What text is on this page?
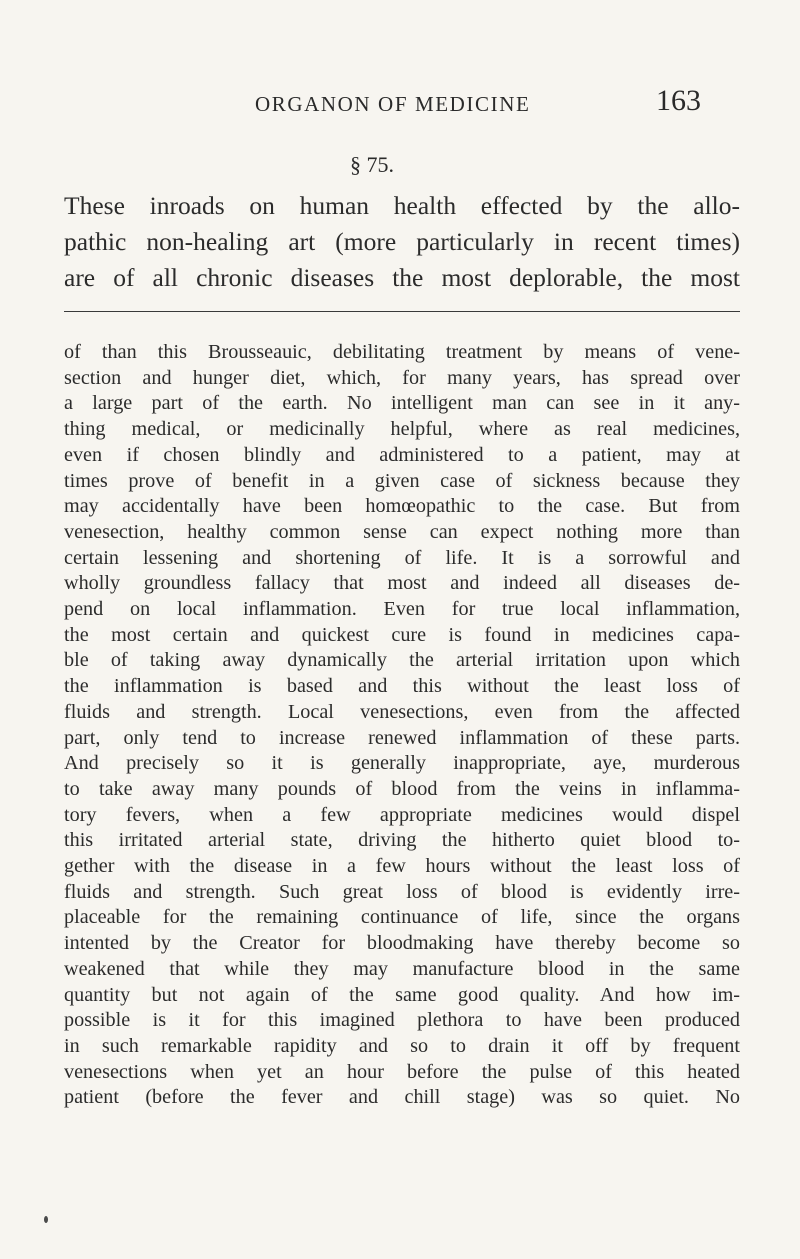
ORGANON OF MEDICINE	163
§ 75.
These inroads on human health effected by the allo-
pathic non-healing art (more particularly in recent times)
are of all chronic diseases the most deplorable, the most
of than this Brousseauic, debilitating treatment by means of vene-
section and hunger diet, which, for many years, has spread over
a large part of the earth. No intelligent man can see in it any-
thing medical, or medicinally helpful, where as real medicines,
even if chosen blindly and administered to a patient, may at
times prove of benefit in a given case of sickness because they
may accidentally have been homœopathic to the case. But from
venesection, healthy common sense can expect nothing more than
certain lessening and shortening of life. It is a sorrowful and
wholly groundless fallacy that most and indeed all diseases de-
pend on local inflammation. Even for true local inflammation,
the most certain and quickest cure is found in medicines capa-
ble of taking away dynamically the arterial irritation upon which
the inflammation is based and this without the least loss of
fluids and strength. Local venesections, even from the affected
part, only tend to increase renewed inflammation of these parts.
And precisely so it is generally inappropriate, aye, murderous
to take away many pounds of blood from the veins in inflamma-
tory fevers, when a few appropriate medicines would dispel
this irritated arterial state, driving the hitherto quiet blood to-
gether with the disease in a few hours without the least loss of
fluids and strength. Such great loss of blood is evidently irre-
placeable for the remaining continuance of life, since the organs
intented by the Creator for bloodmaking have thereby become so
weakened that while they may manufacture blood in the same
quantity but not again of the same good quality. And how im-
possible is it for this imagined plethora to have been produced
in such remarkable rapidity and so to drain it off by frequent
venesections when yet an hour before the pulse of this heated
patient (before the fever and chill stage) was so quiet. No
